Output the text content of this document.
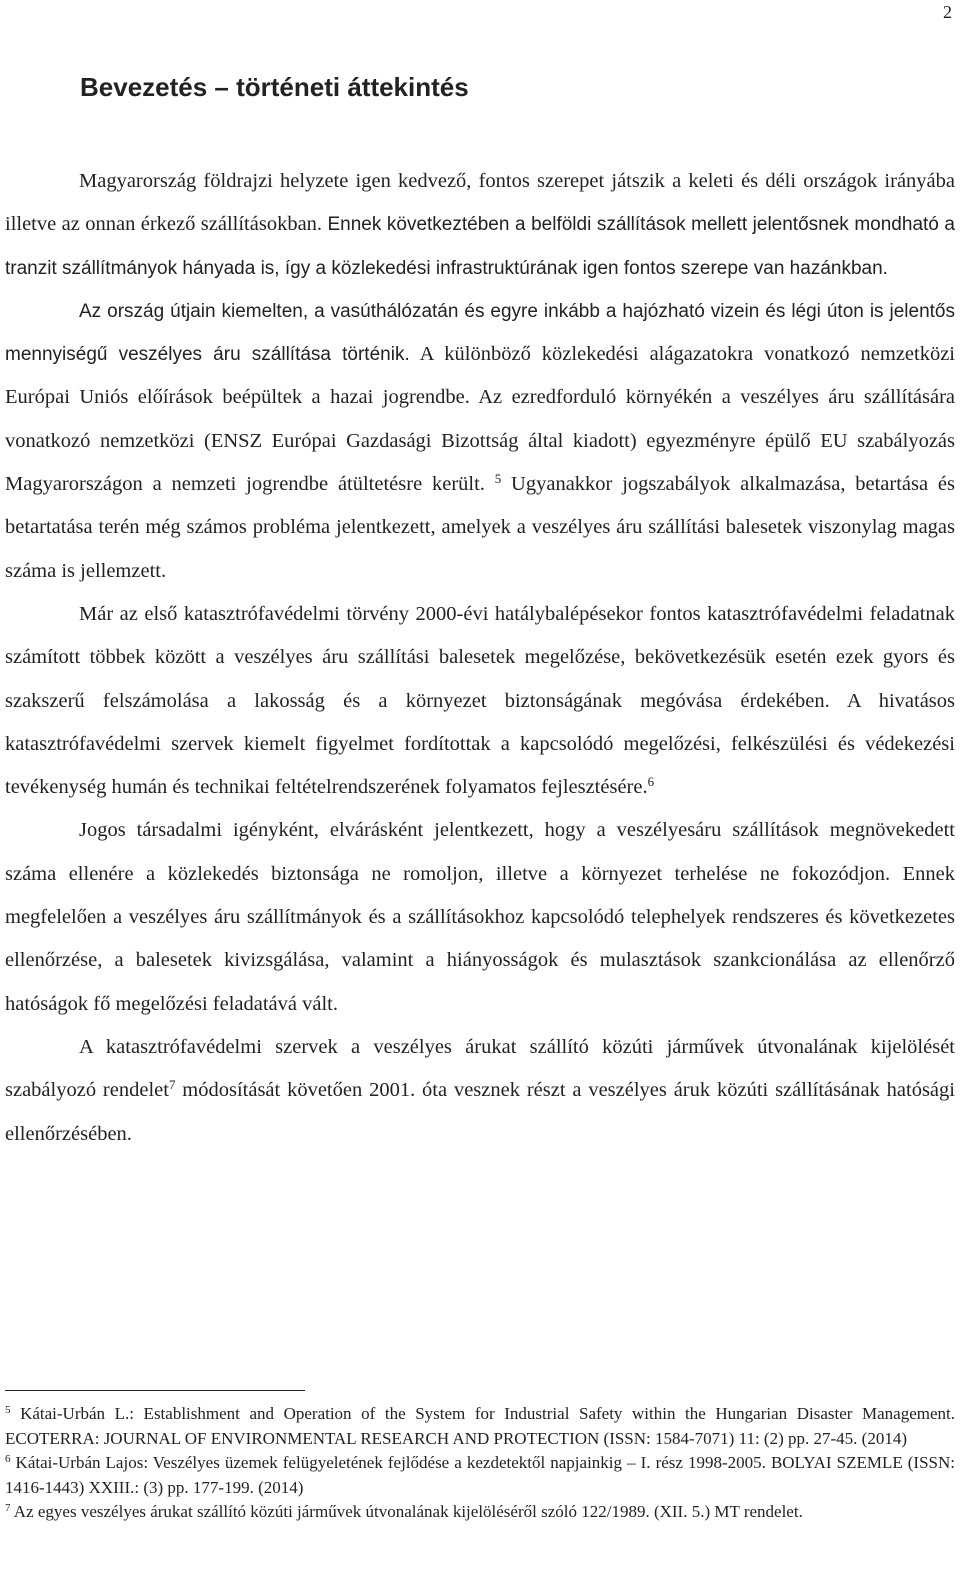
2
Bevezetés – történeti áttekintés

Magyarország földrajzi helyzete igen kedvező, fontos szerepet játszik a keleti és déli országok irányába illetve az onnan érkező szállításokban. Ennek következtében a belföldi szállítások mellett jelentősnek mondható a tranzit szállítmányok hányada is, így a közlekedési infrastruktúrának igen fontos szerepe van hazánkban.

Az ország útjain kiemelten, a vasúthálózatán és egyre inkább a hajózható vizein és légi úton is jelentős mennyiségű veszélyes áru szállítása történik. A különböző közlekedési alágazatokra vonatkozó nemzetközi Európai Uniós előírások beépültek a hazai jogrendbe. Az ezredforduló környékén a veszélyes áru szállítására vonatkozó nemzetközi (ENSZ Európai Gazdasági Bizottság által kiadott) egyezményre épülő EU szabályozás Magyarországon a nemzeti jogrendbe átültetésre került. $^5$ Ugyanakkor jogszabályok alkalmazása, betartása és betartatása terén még számos probléma jelentkezett, amelyek a veszélyes áru szállítási balesetek viszonylag magas száma is jellemzett.

Már az első katasztrófavédelmi törvény 2000-évi hatálybalépésekor fontos katasztrófavédelmi feladatnak számított többek között a veszélyes áru szállítási balesetek megelőzése, bekövetkezésük esetén ezek gyors és szakszerű felszámolása a lakosság és a környezet biztonságának megóvása érdekében. A hivatásos katasztrófavédelmi szervek kiemelt figyelmet fordítottak a kapcsolódó megelőzési, felkészülési és védekezési tevékenység humán és technikai feltételrendszerének folyamatos fejlesztésére.$^6$

Jogos társadalmi igényként, elvárásként jelentkezett, hogy a veszélyesáru szállítások megnövekedett száma ellenére a közlekedés biztonsága ne romoljon, illetve a környezet terhelése ne fokozódjon. Ennek megfelelően a veszélyes áru szállítmányok és a szállításokhoz kapcsolódó telephelyek rendszeres és következetes ellenőrzése, a balesetek kivizsgálása, valamint a hiányosságok és mulasztások szankcionálása az ellenőrző hatóságok fő megelőzési feladatává vált.

A katasztrófavédelmi szervek a veszélyes árukat szállító közúti járművek útvonalának kijelölését szabályozó rendelet$^7$ módosítását követően 2001. óta vesznek részt a veszélyes áruk közúti szállításának hatósági ellenőrzésében.

$^5$ Kátai-Urbán L.: Establishment and Operation of the System for Industrial Safety within the Hungarian Disaster Management. ECOTERRA: JOURNAL OF ENVIRONMENTAL RESEARCH AND PROTECTION (ISSN: 1584-7071) 11: (2) pp. 27-45. (2014)

$^6$ Kátai-Urbán Lajos: Veszélyes üzemek felügyeletének fejlődése a kezdetektől napjainkig – I. rész 1998-2005. BOLYAI SZEMLE (ISSN: 1416-1443) XXIII.: (3) pp. 177-199. (2014)

$^7$ Az egyes veszélyes árukat szállító közúti járművek útvonalának kijelöléséről szóló 122/1989. (XII. 5.) MT rendelet.
